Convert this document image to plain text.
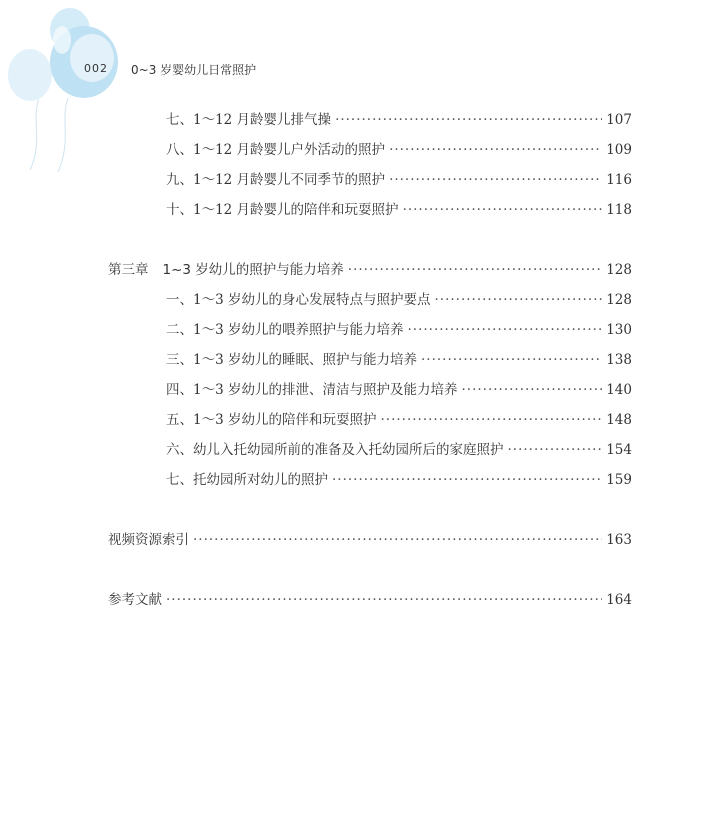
002 0~3 岁婴幼儿日常照护
七、1～12 月龄婴儿排气操 ·····	107
八、1～12 月龄婴儿户外活动的照护 ·····	109
九、1～12 月龄婴儿不同季节的照护 ·····	116
十、1～12 月龄婴儿的陪伴和玩耍照护 ·····	118
第三章 1~3 岁幼儿的照护与能力培养 ·····	128
一、1～3 岁幼儿的身心发展特点与照护要点 ·····	128
二、1～3 岁幼儿的喂养照护与能力培养 ·····	130
三、1～3 岁幼儿的睡眠、照护与能力培养 ·····	138
四、1～3 岁幼儿的排泄、清洁与照护及能力培养 ·····	140
五、1～3 岁幼儿的陪伴和玩耍照护 ·····	148
六、幼儿入托幼园所前的准备及入托幼园所后的家庭照护 ·····	154
七、托幼园所对幼儿的照护 ·····	159
视频资源索引 ·····	163
参考文献 ·····	164
